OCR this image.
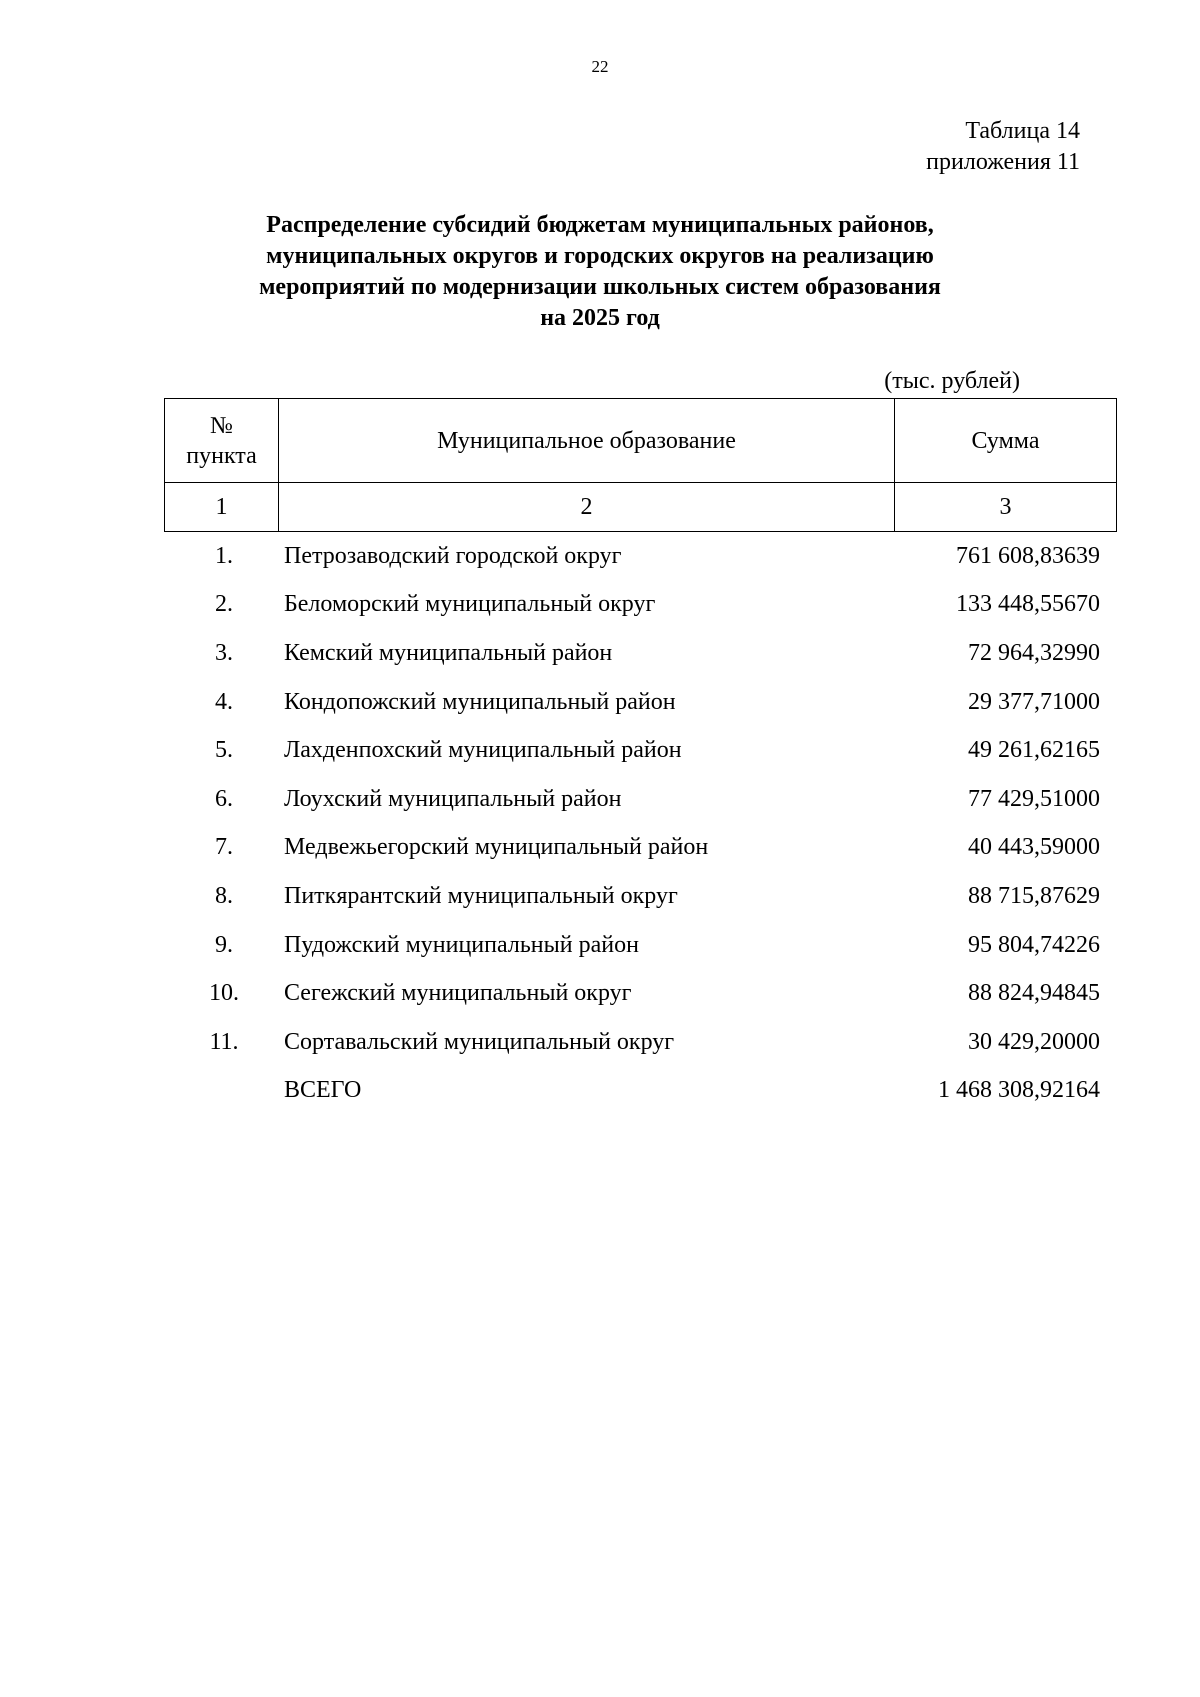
22
Таблица 14
приложения 11
Распределение субсидий бюджетам муниципальных районов,
муниципальных округов и городских округов на реализацию
мероприятий по модернизации школьных систем образования
на 2025 год
(тыс. рублей)
№
пункта	Муниципальное образование	Сумма
1	2	3
1.	Петрозаводский городской округ	761 608,83639
2.	Беломорский муниципальный округ	133 448,55670
3.	Кемский муниципальный район	72 964,32990
4.	Кондопожский муниципальный район	29 377,71000
5.	Лахденпохский муниципальный район	49 261,62165
6.	Лоухский муниципальный район	77 429,51000
7.	Медвежьегорский муниципальный район	40 443,59000
8.	Питкярантский муниципальный округ	88 715,87629
9.	Пудожский муниципальный район	95 804,74226
10.	Сегежский муниципальный округ	88 824,94845
11.	Сортавальский муниципальный округ	30 429,20000
ВСЕГО	1 468 308,92164
